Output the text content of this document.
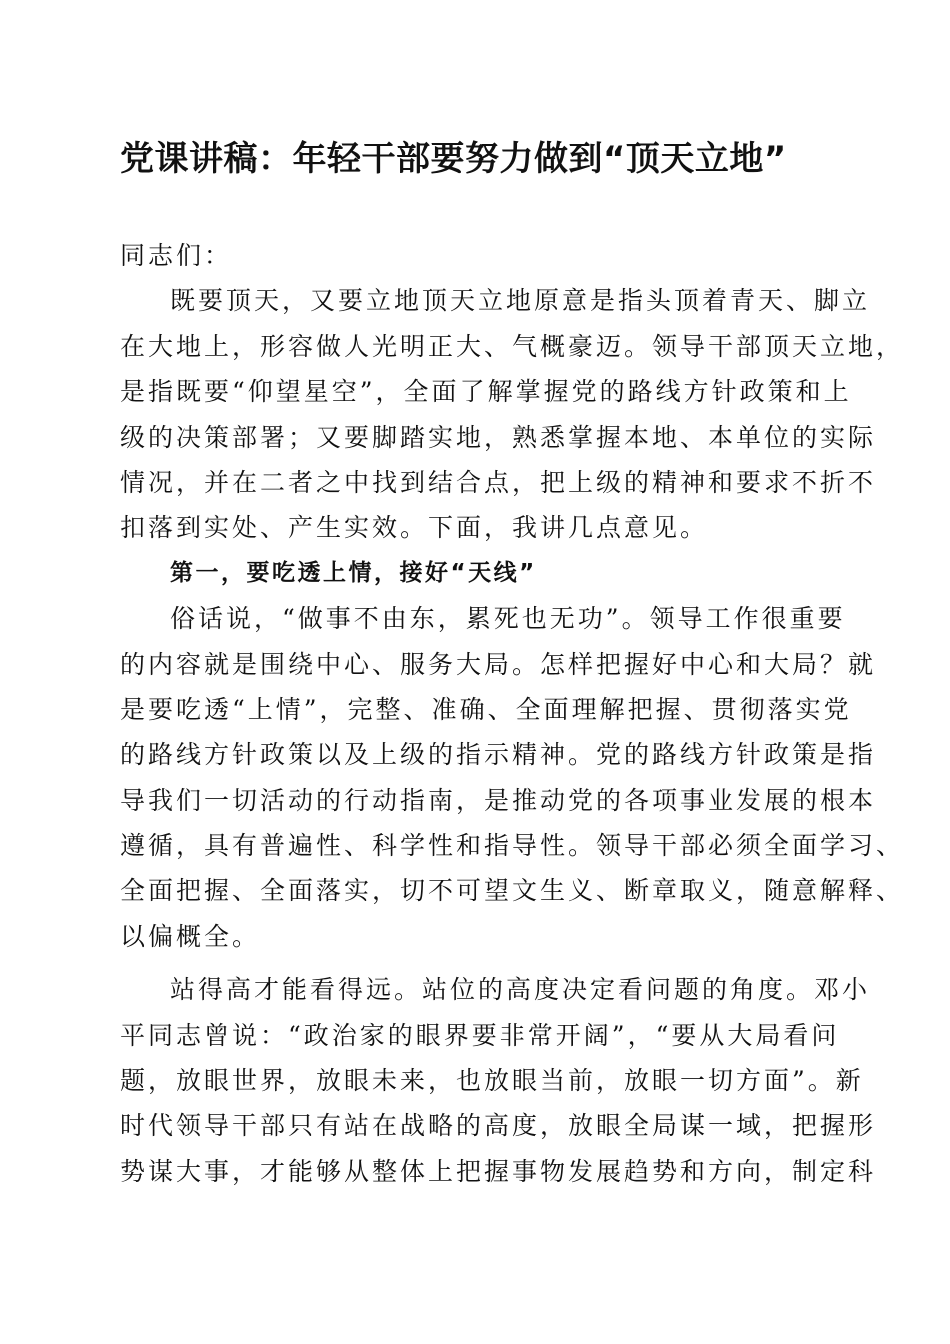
党课讲稿：年轻干部要努力做到“顶天立地”

同志们：

既要顶天，又要立地顶天立地原意是指头顶着青天、脚立

在大地上，形容做人光明正大、气概豪迈。领导干部顶天立地，

是指既要“仰望星空”，全面了解掌握党的路线方针政策和上

级的决策部署；又要脚踏实地，熟悉掌握本地、本单位的实际

情况，并在二者之中找到结合点，把上级的精神和要求不折不

扣落到实处、产生实效。下面，我讲几点意见。

第一，要吃透上情，接好“天线”

俗话说，“做事不由东，累死也无功”。领导工作很重要

的内容就是围绕中心、服务大局。怎样把握好中心和大局？就

是要吃透“上情”，完整、准确、全面理解把握、贯彻落实党

的路线方针政策以及上级的指示精神。党的路线方针政策是指

导我们一切活动的行动指南，是推动党的各项事业发展的根本

遵循，具有普遍性、科学性和指导性。领导干部必须全面学习、

全面把握、全面落实，切不可望文生义、断章取义，随意解释、

以偏概全。

站得高才能看得远。站位的高度决定看问题的角度。邓小

平同志曾说：“政治家的眼界要非常开阔”，“要从大局看问

题，放眼世界，放眼未来，也放眼当前，放眼一切方面”。新

时代领导干部只有站在战略的高度，放眼全局谋一域，把握形

势谋大事，才能够从整体上把握事物发展趋势和方向，制定科
